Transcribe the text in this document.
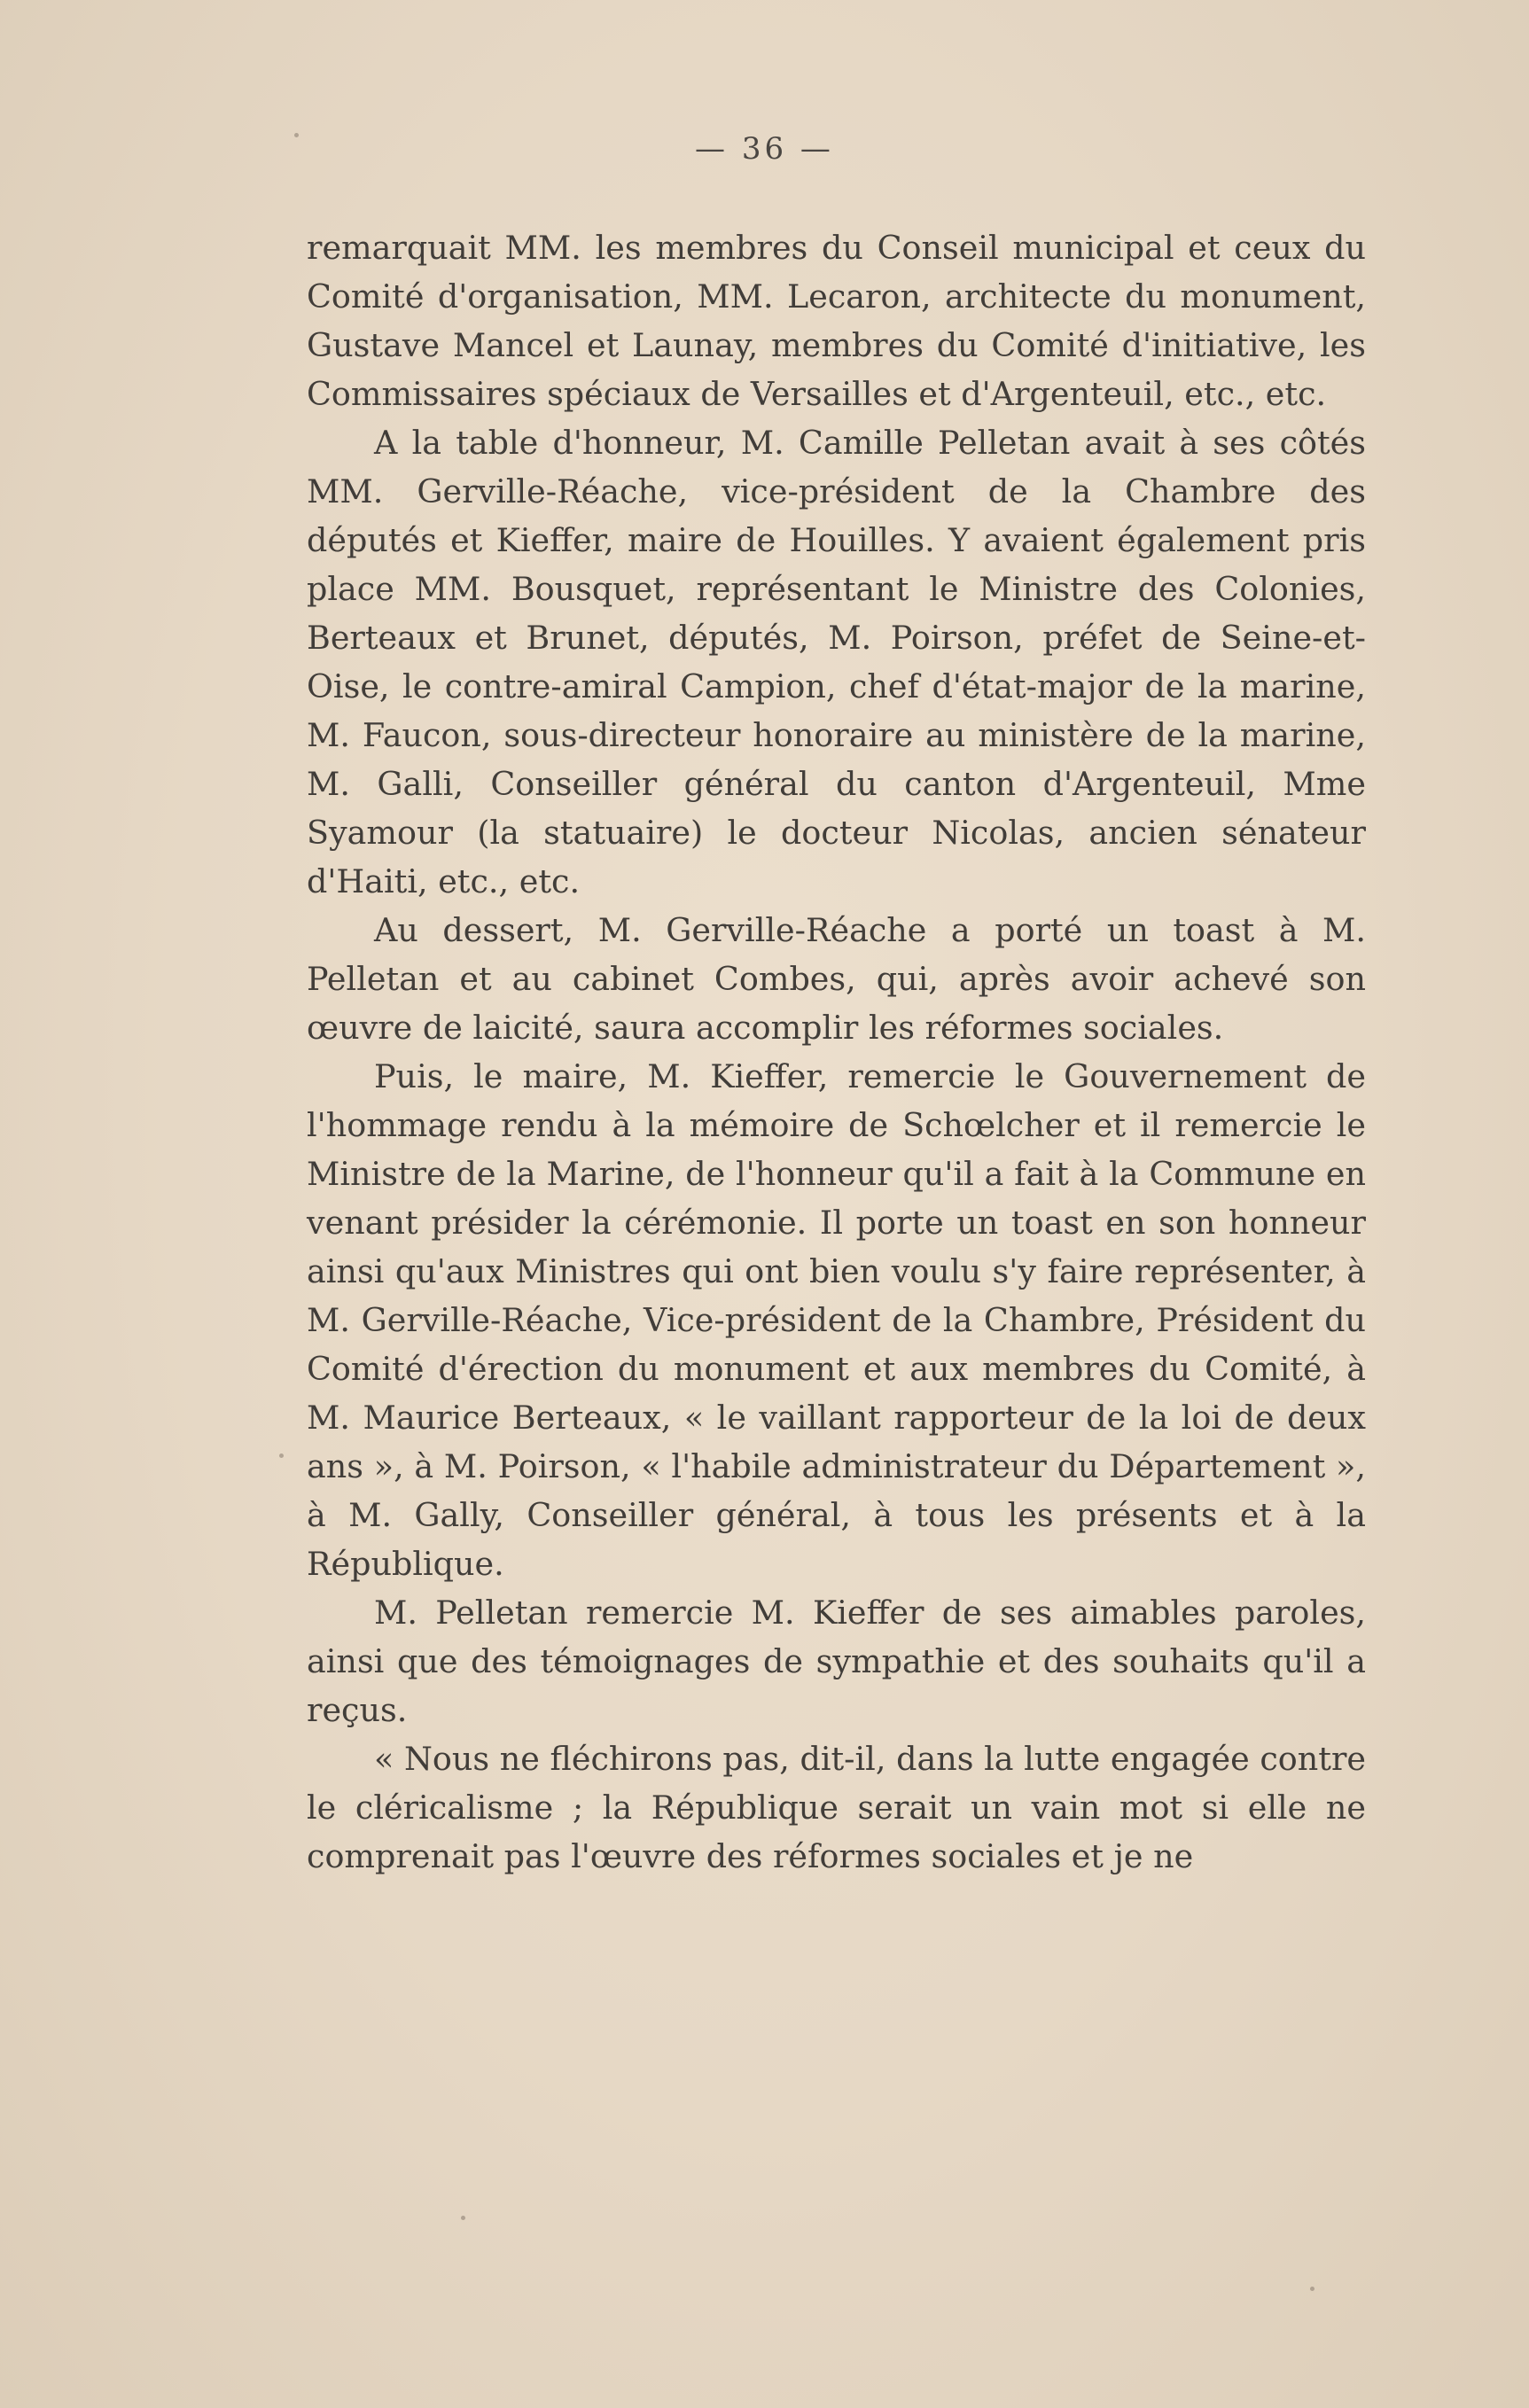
— 36 —

remarquait MM. les membres du Conseil municipal et ceux du Comité d'organisation, MM. Lecaron, architecte du monument, Gustave Mancel et Launay, membres du Comité d'initiative, les Commissaires spéciaux de Versailles et d'Argenteuil, etc., etc.

A la table d'honneur, M. Camille Pelletan avait à ses côtés MM. Gerville-Réache, vice-président de la Chambre des députés et Kieffer, maire de Houilles. Y avaient également pris place MM. Bousquet, représentant le Ministre des Colonies, Berteaux et Brunet, députés, M. Poirson, préfet de Seine-et-Oise, le contre-amiral Campion, chef d'état-major de la marine, M. Faucon, sous-directeur honoraire au ministère de la marine, M. Galli, Conseiller général du canton d'Argenteuil, Mme Syamour (la statuaire) le docteur Nicolas, ancien sénateur d'Haiti, etc., etc.

Au dessert, M. Gerville-Réache a porté un toast à M. Pelletan et au cabinet Combes, qui, après avoir achevé son œuvre de laicité, saura accomplir les réformes sociales.

Puis, le maire, M. Kieffer, remercie le Gouvernement de l'hommage rendu à la mémoire de Schœlcher et il remercie le Ministre de la Marine, de l'honneur qu'il a fait à la Commune en venant présider la cérémonie. Il porte un toast en son honneur ainsi qu'aux Ministres qui ont bien voulu s'y faire représenter, à M. Gerville-Réache, Vice-président de la Chambre, Président du Comité d'érection du monument et aux membres du Comité, à M. Maurice Berteaux, « le vaillant rapporteur de la loi de deux ans », à M. Poirson, « l'habile administrateur du Département », à M. Gally, Conseiller général, à tous les présents et à la République.

M. Pelletan remercie M. Kieffer de ses aimables paroles, ainsi que des témoignages de sympathie et des souhaits qu'il a reçus.

« Nous ne fléchirons pas, dit-il, dans la lutte engagée contre le cléricalisme ; la République serait un vain mot si elle ne comprenait pas l'œuvre des réformes sociales et je ne
